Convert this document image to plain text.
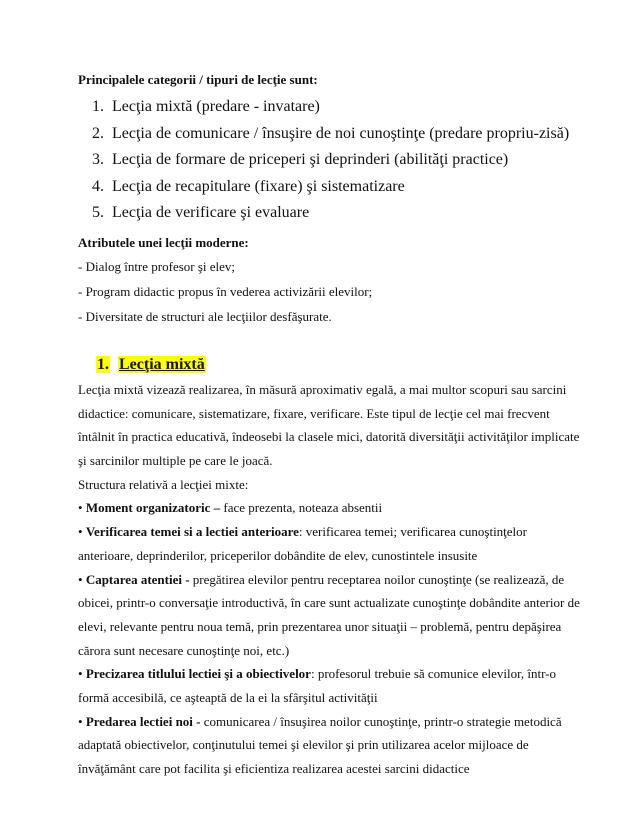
Principalele categorii / tipuri de lecţie sunt:
1. Lecţia mixtă (predare - invatare)
2. Lecţia de comunicare / însuşire de noi cunoştinţe (predare propriu-zisă)
3. Lecţia de formare de priceperi şi deprinderi (abilităţi practice)
4. Lecţia de recapitulare (fixare) şi sistematizare
5. Lecţia de verificare şi evaluare
Atributele unei lecţii moderne:
- Dialog între profesor şi elev;
- Program didactic propus în vederea activizării elevilor;
- Diversitate de structuri ale lecţiilor desfăşurate.
1. Lecţia mixtă

Lecţia mixtă vizează realizarea, în măsură aproximativ egală, a mai multor scopuri sau sarcini

didactice: comunicare, sistematizare, fixare, verificare. Este tipul de lecţie cel mai frecvent

întâlnit în practica educativă, îndeosebi la clasele mici, datorită diversităţii activităţilor implicate

şi sarcinilor multiple pe care le joacă.

Structura relativă a lecţiei mixte:

• Moment organizatoric – face prezenta, noteaza absentii

• Verificarea temei si a lectiei anterioare: verificarea temei; verificarea cunoştinţelor

anterioare, deprinderilor, priceperilor dobândite de elev, cunostintele insusite

• Captarea atentiei - pregătirea elevilor pentru receptarea noilor cunoştinţe (se realizează, de

obicei, printr-o conversaţie introductivă, în care sunt actualizate cunoştinţe dobândite anterior de

elevi, relevante pentru noua temă, prin prezentarea unor situaţii – problemă, pentru depăşirea

cărora sunt necesare cunoştinţe noi, etc.)

• Precizarea titlului lectiei şi a obiectivelor: profesorul trebuie să comunice elevilor, într-o

formă accesibilă, ce aşteaptă de la ei la sfârşitul activităţii

• Predarea lectiei noi - comunicarea / însuşirea noilor cunoştinţe, printr-o strategie metodică

adaptată obiectivelor, conţinutului temei şi elevilor şi prin utilizarea acelor mijloace de

învăţământ care pot facilita şi eficientiza realizarea acestei sarcini didactice
